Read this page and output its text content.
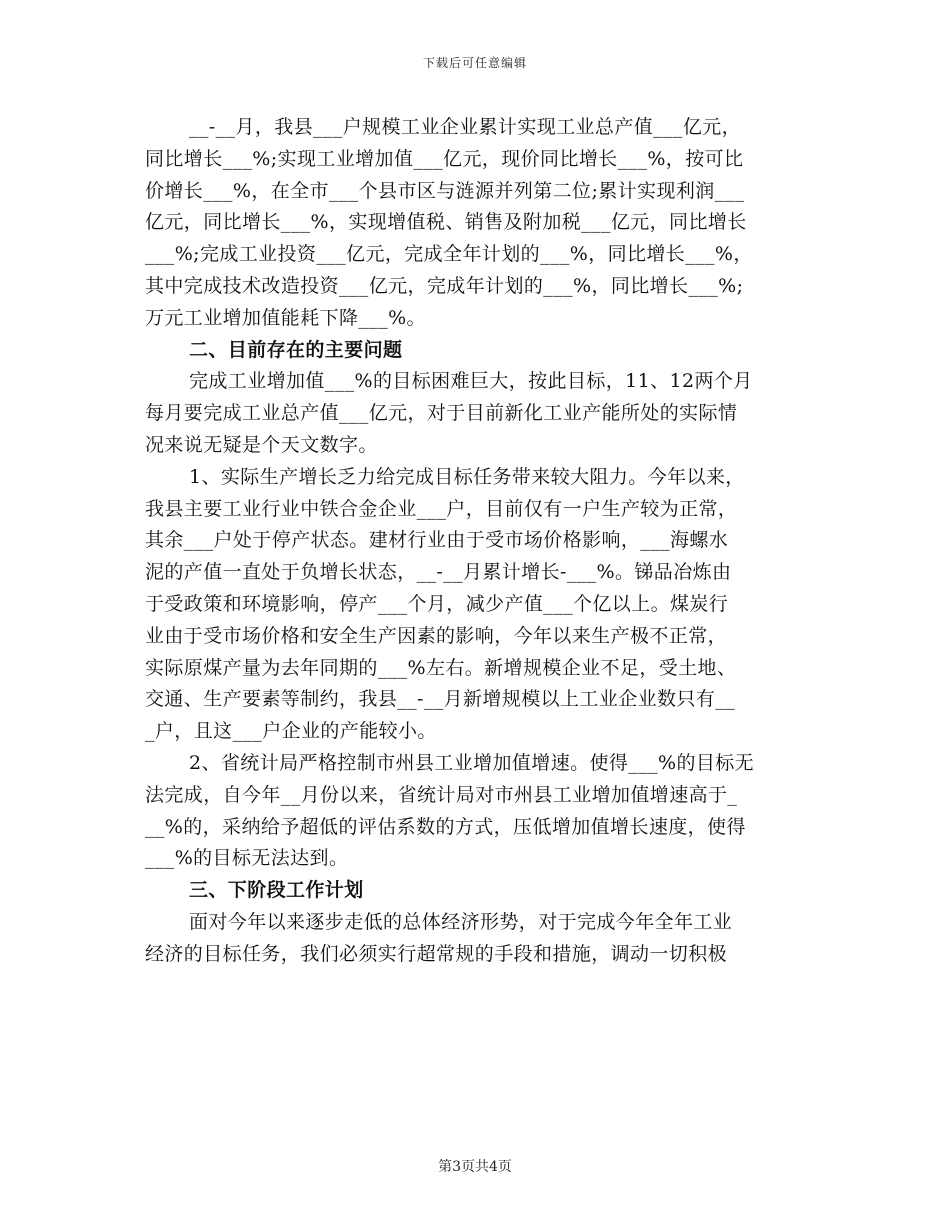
下载后可任意编辑
__-__月，我县___户规模工业企业累计实现工业总产值___亿元，
同比增长___%;实现工业增加值___亿元，现价同比增长___%，按可比
价增长___%，在全市___个县市区与涟源并列第二位;累计实现利润___
亿元，同比增长___%，实现增值税、销售及附加税___亿元，同比增长
___%;完成工业投资___亿元，完成全年计划的___%，同比增长___%，
其中完成技术改造投资___亿元，完成年计划的___%，同比增长___%;
万元工业增加值能耗下降___%。
二、目前存在的主要问题
完成工业增加值___%的目标困难巨大，按此目标，11、12两个月
每月要完成工业总产值___亿元，对于目前新化工业产能所处的实际情
况来说无疑是个天文数字。
1、实际生产增长乏力给完成目标任务带来较大阻力。今年以来，
我县主要工业行业中铁合金企业___户，目前仅有一户生产较为正常，
其余___户处于停产状态。建材行业由于受市场价格影响，___海螺水
泥的产值一直处于负增长状态，__-__月累计增长-___%。锑品冶炼由
于受政策和环境影响，停产___个月，减少产值___个亿以上。煤炭行
业由于受市场价格和安全生产因素的影响，今年以来生产极不正常，
实际原煤产量为去年同期的___%左右。新增规模企业不足，受土地、
交通、生产要素等制约，我县__-__月新增规模以上工业企业数只有__
_户，且这___户企业的产能较小。
2、省统计局严格控制市州县工业增加值增速。使得___%的目标无
法完成，自今年__月份以来，省统计局对市州县工业增加值增速高于_
__%的，采纳给予超低的评估系数的方式，压低增加值增长速度，使得
___%的目标无法达到。
三、下阶段工作计划
面对今年以来逐步走低的总体经济形势，对于完成今年全年工业
经济的目标任务，我们必须实行超常规的手段和措施，调动一切积极
第3页共4页
